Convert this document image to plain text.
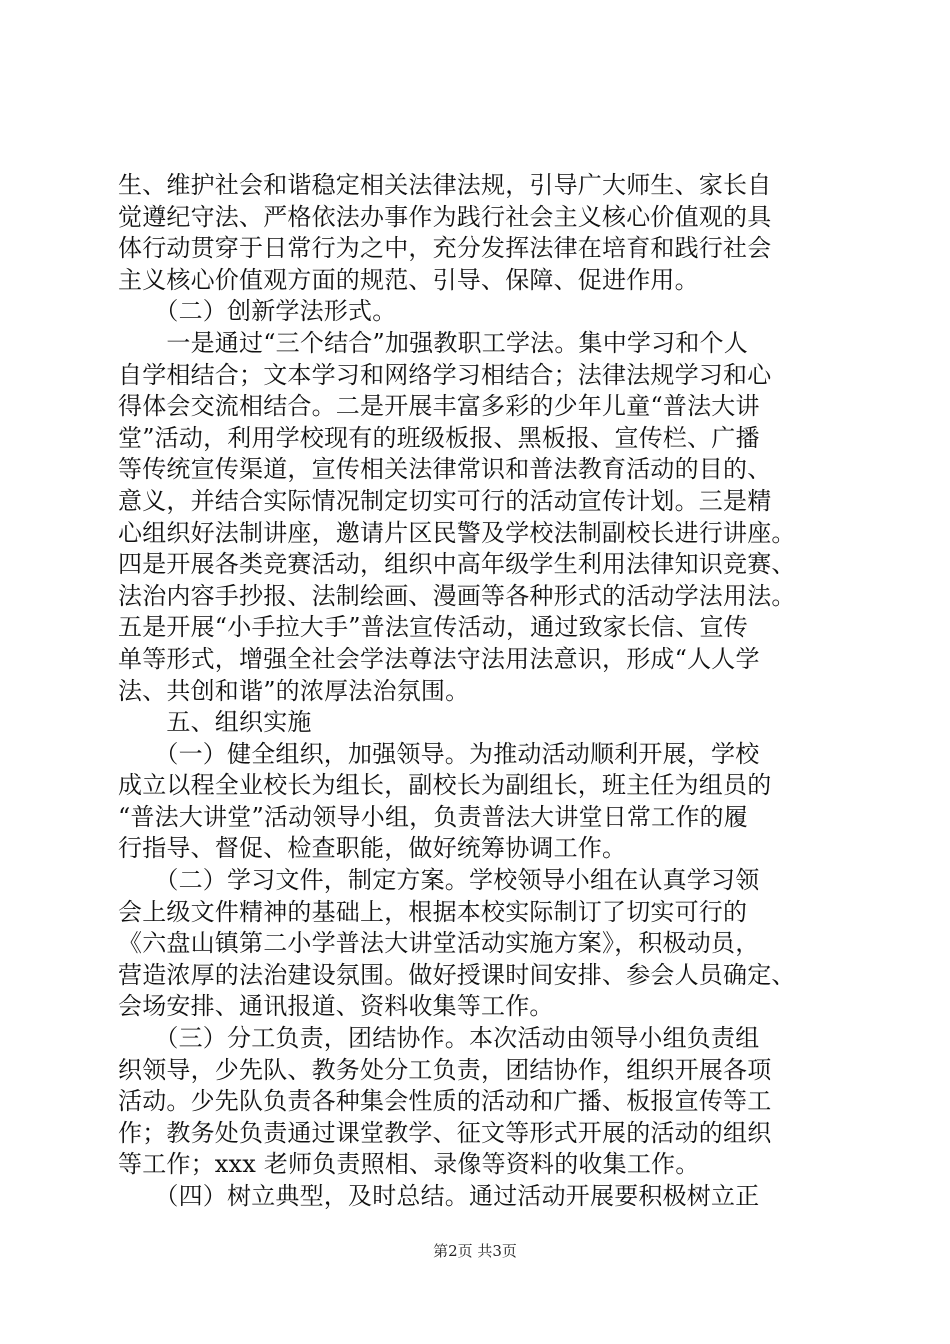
生、维护社会和谐稳定相关法律法规，引导广大师生、家长自
觉遵纪守法、严格依法办事作为践行社会主义核心价值观的具
体行动贯穿于日常行为之中，充分发挥法律在培育和践行社会
主义核心价值观方面的规范、引导、保障、促进作用。
　　（二）创新学法形式。
　　一是通过“三个结合”加强教职工学法。集中学习和个人
自学相结合；文本学习和网络学习相结合；法律法规学习和心
得体会交流相结合。二是开展丰富多彩的少年儿童“普法大讲
堂”活动，利用学校现有的班级板报、黑板报、宣传栏、广播
等传统宣传渠道，宣传相关法律常识和普法教育活动的目的、
意义，并结合实际情况制定切实可行的活动宣传计划。三是精
心组织好法制讲座，邀请片区民警及学校法制副校长进行讲座。
四是开展各类竞赛活动，组织中高年级学生利用法律知识竞赛、
法治内容手抄报、法制绘画、漫画等各种形式的活动学法用法。
五是开展“小手拉大手”普法宣传活动，通过致家长信、宣传
单等形式，增强全社会学法尊法守法用法意识，形成“人人学
法、共创和谐”的浓厚法治氛围。
　　五、组织实施
　　（一）健全组织，加强领导。为推动活动顺利开展，学校
成立以程全业校长为组长，副校长为副组长，班主任为组员的
“普法大讲堂”活动领导小组，负责普法大讲堂日常工作的履
行指导、督促、检查职能，做好统筹协调工作。
　　（二）学习文件，制定方案。学校领导小组在认真学习领
会上级文件精神的基础上，根据本校实际制订了切实可行的
《六盘山镇第二小学普法大讲堂活动实施方案》，积极动员，
营造浓厚的法治建设氛围。做好授课时间安排、参会人员确定、
会场安排、通讯报道、资料收集等工作。
　　（三）分工负责，团结协作。本次活动由领导小组负责组
织领导，少先队、教务处分工负责，团结协作，组织开展各项
活动。少先队负责各种集会性质的活动和广播、板报宣传等工
作；教务处负责通过课堂教学、征文等形式开展的活动的组织
等工作；xxx 老师负责照相、录像等资料的收集工作。
　　（四）树立典型，及时总结。通过活动开展要积极树立正
第2页 共3页
